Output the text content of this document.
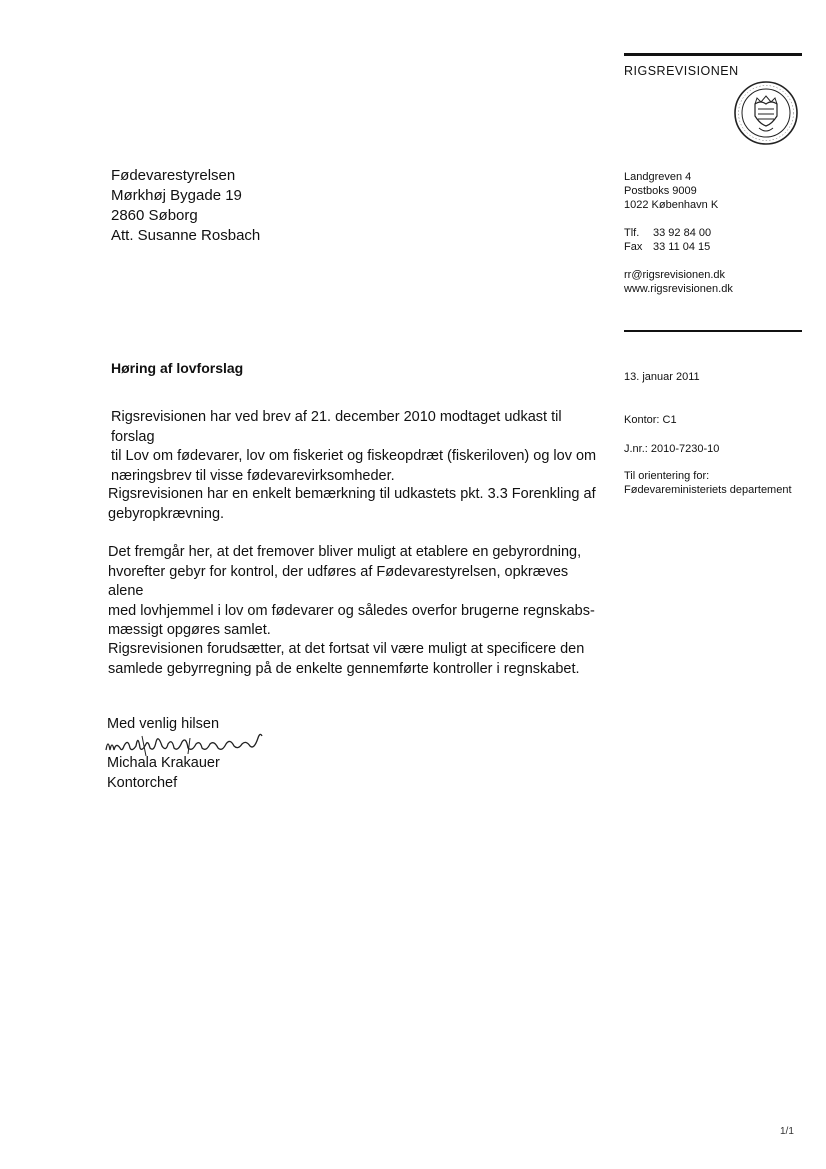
RIGSREVISIONEN
Fødevarestyrelsen
Mørkhøj Bygade 19
2860 Søborg
Att. Susanne Rosbach
Landgreven 4
Postboks 9009
1022 København K
Tlf. 33 92 84 00
Fax 33 11 04 15
rr@rigsrevisionen.dk
www.rigsrevisionen.dk
13. januar 2011
Kontor: C1
J.nr.: 2010-7230-10
Til orientering for:
Fødevareministeriets departement
Høring af lovforslag
Rigsrevisionen har ved brev af 21. december 2010 modtaget udkast til forslag
til Lov om fødevarer, lov om fiskeriet og fiskeopdræt (fiskeriloven) og lov om
næringsbrev til visse fødevarevirksomheder.
Rigsrevisionen har en enkelt bemærkning til udkastets pkt. 3.3 Forenkling af
gebyropkrævning.
Det fremgår her, at det fremover bliver muligt at etablere en gebyrordning,
hvorefter gebyr for kontrol, der udføres af Fødevarestyrelsen, opkræves alene
med lovhjemmel i lov om fødevarer og således overfor brugerne regnskabs-
mæssigt opgøres samlet.
Rigsrevisionen forudsætter, at det fortsat vil være muligt at specificere den
samlede gebyrregning på de enkelte gennemførte kontroller i regnskabet.
Med venlig hilsen
Michala Krakauer
Kontorchef
1/1
